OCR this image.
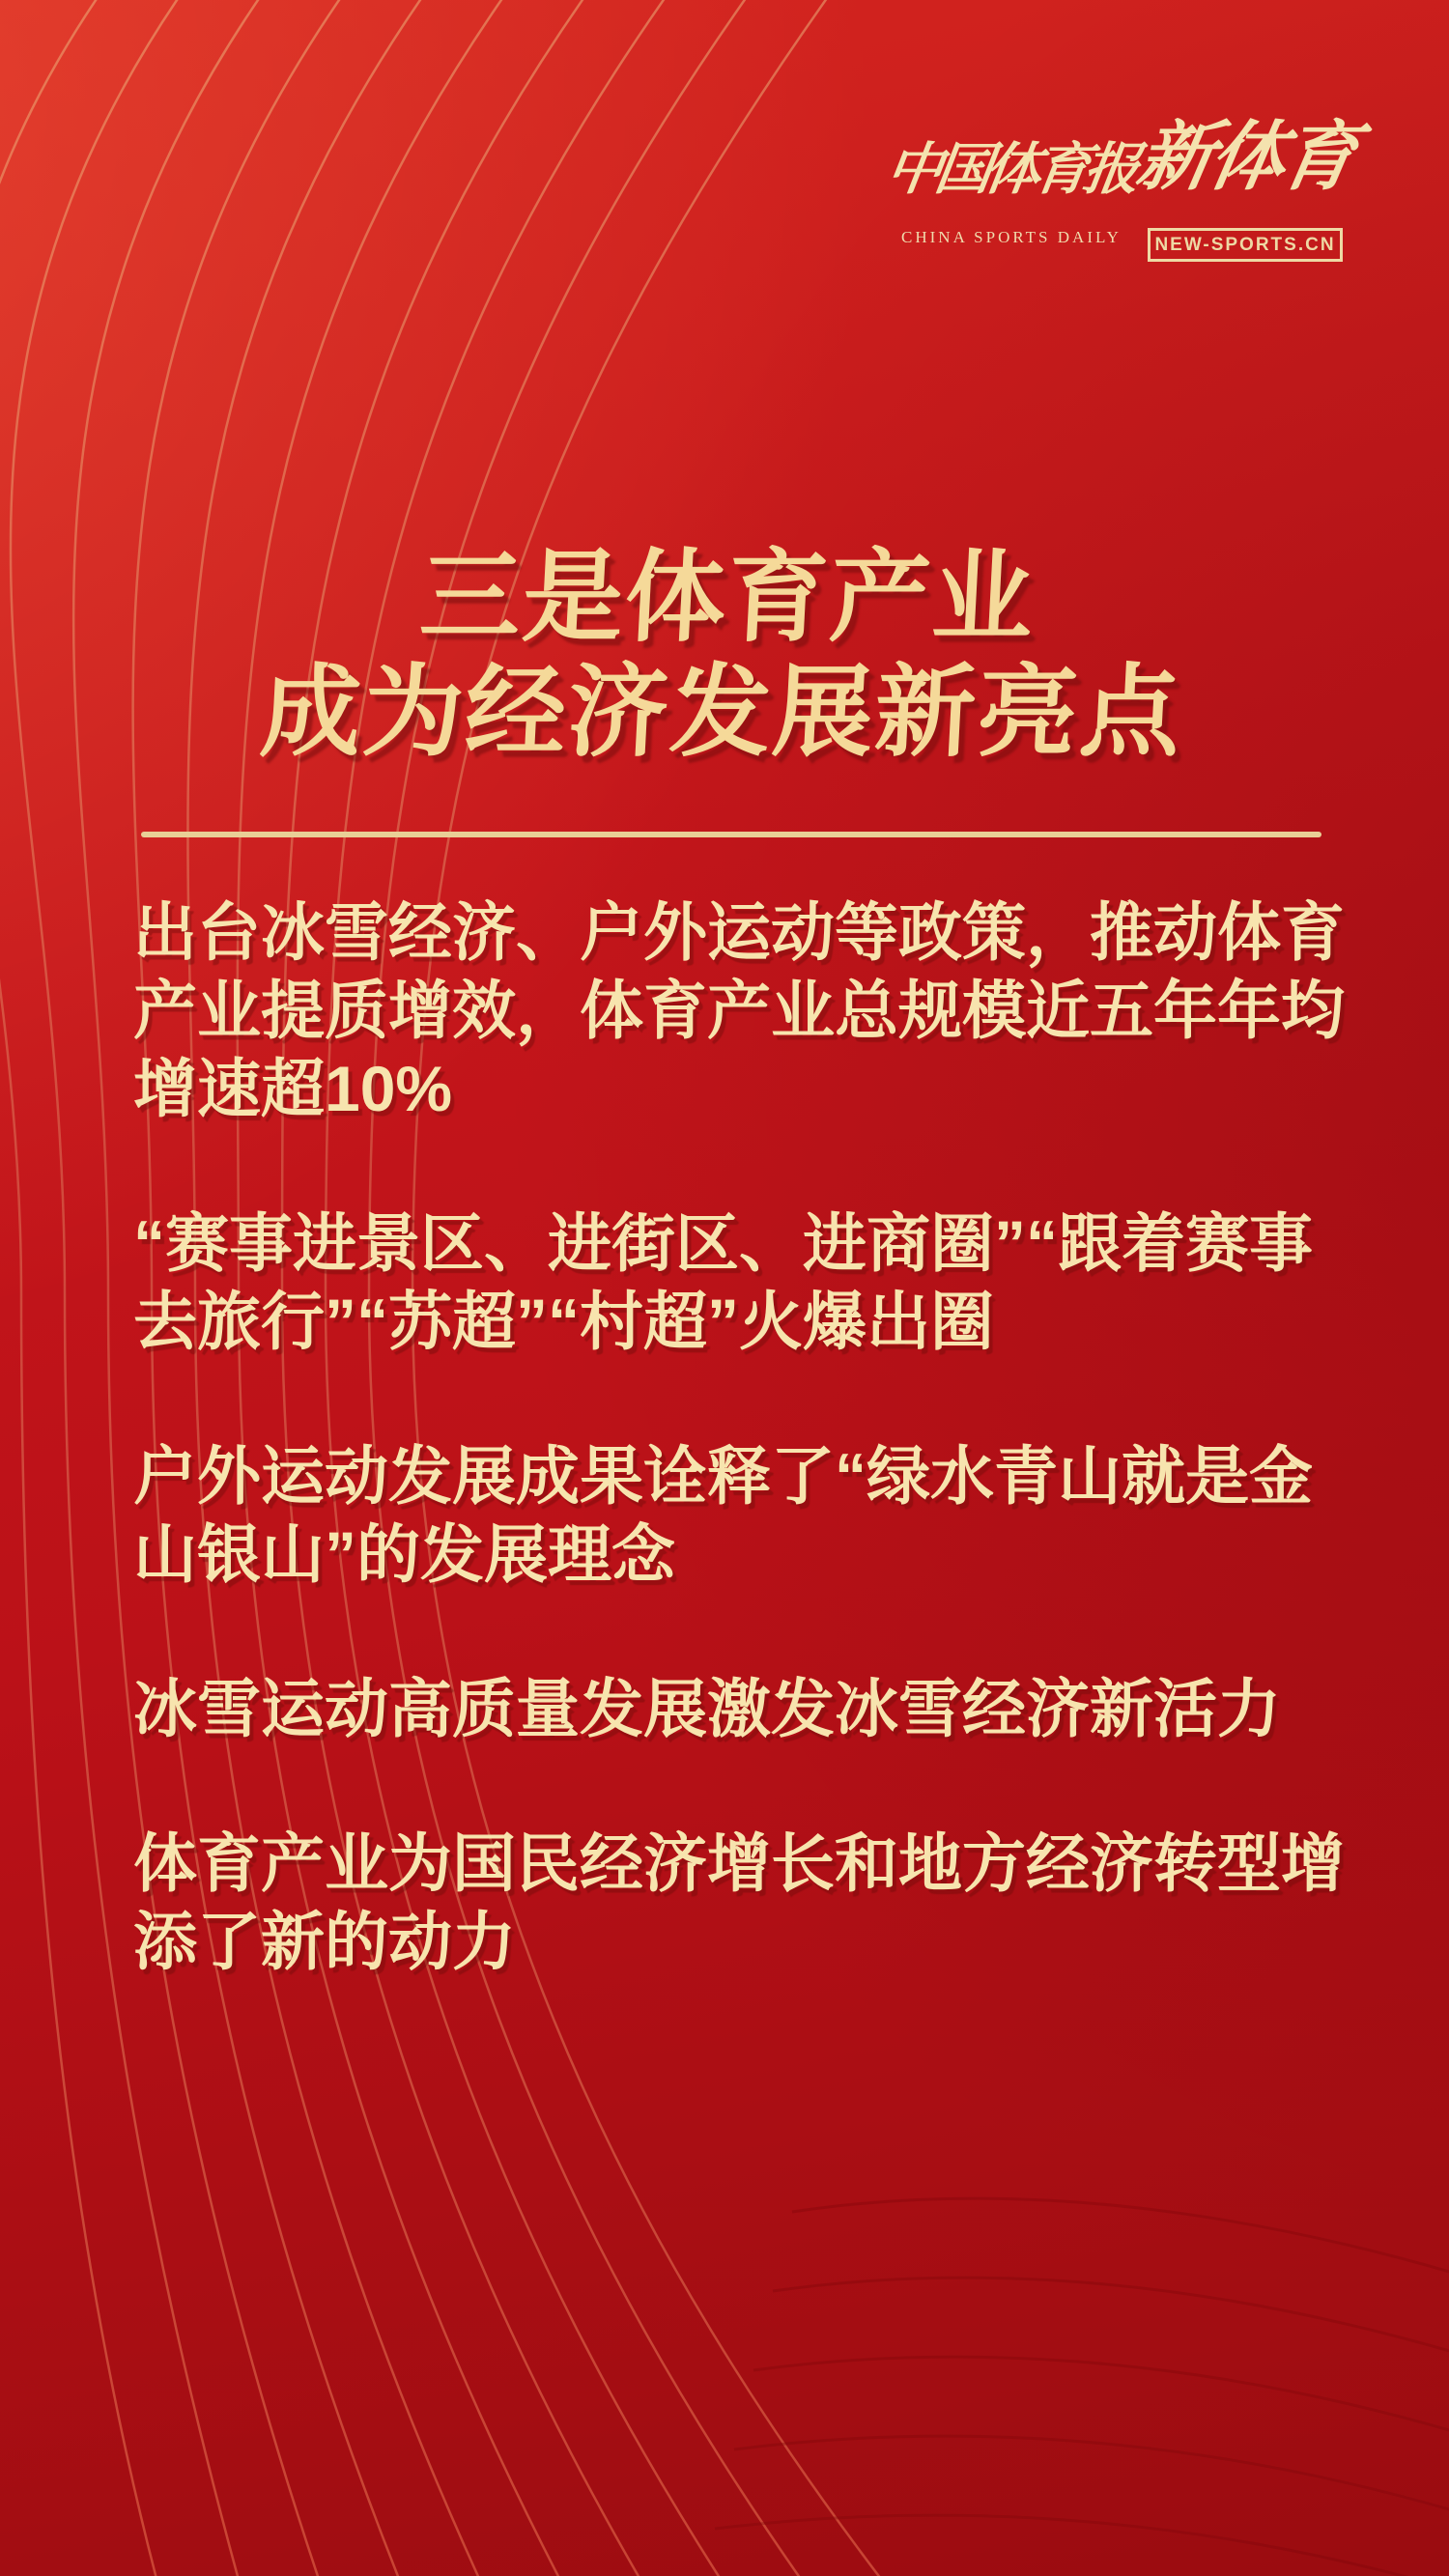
中国体育报
CHINA SPORTS DAILY
新体育
NEW-SPORTS.CN
三是体育产业
成为经济发展新亮点

出台冰雪经济、户外运动等政策，推动体育产业提质增效，体育产业总规模近五年年均增速超10%

“赛事进景区、进街区、进商圈”“跟着赛事去旅行”“苏超”“村超”火爆出圈

户外运动发展成果诠释了“绿水青山就是金山银山”的发展理念

冰雪运动高质量发展激发冰雪经济新活力

体育产业为国民经济增长和地方经济转型增添了新的动力
